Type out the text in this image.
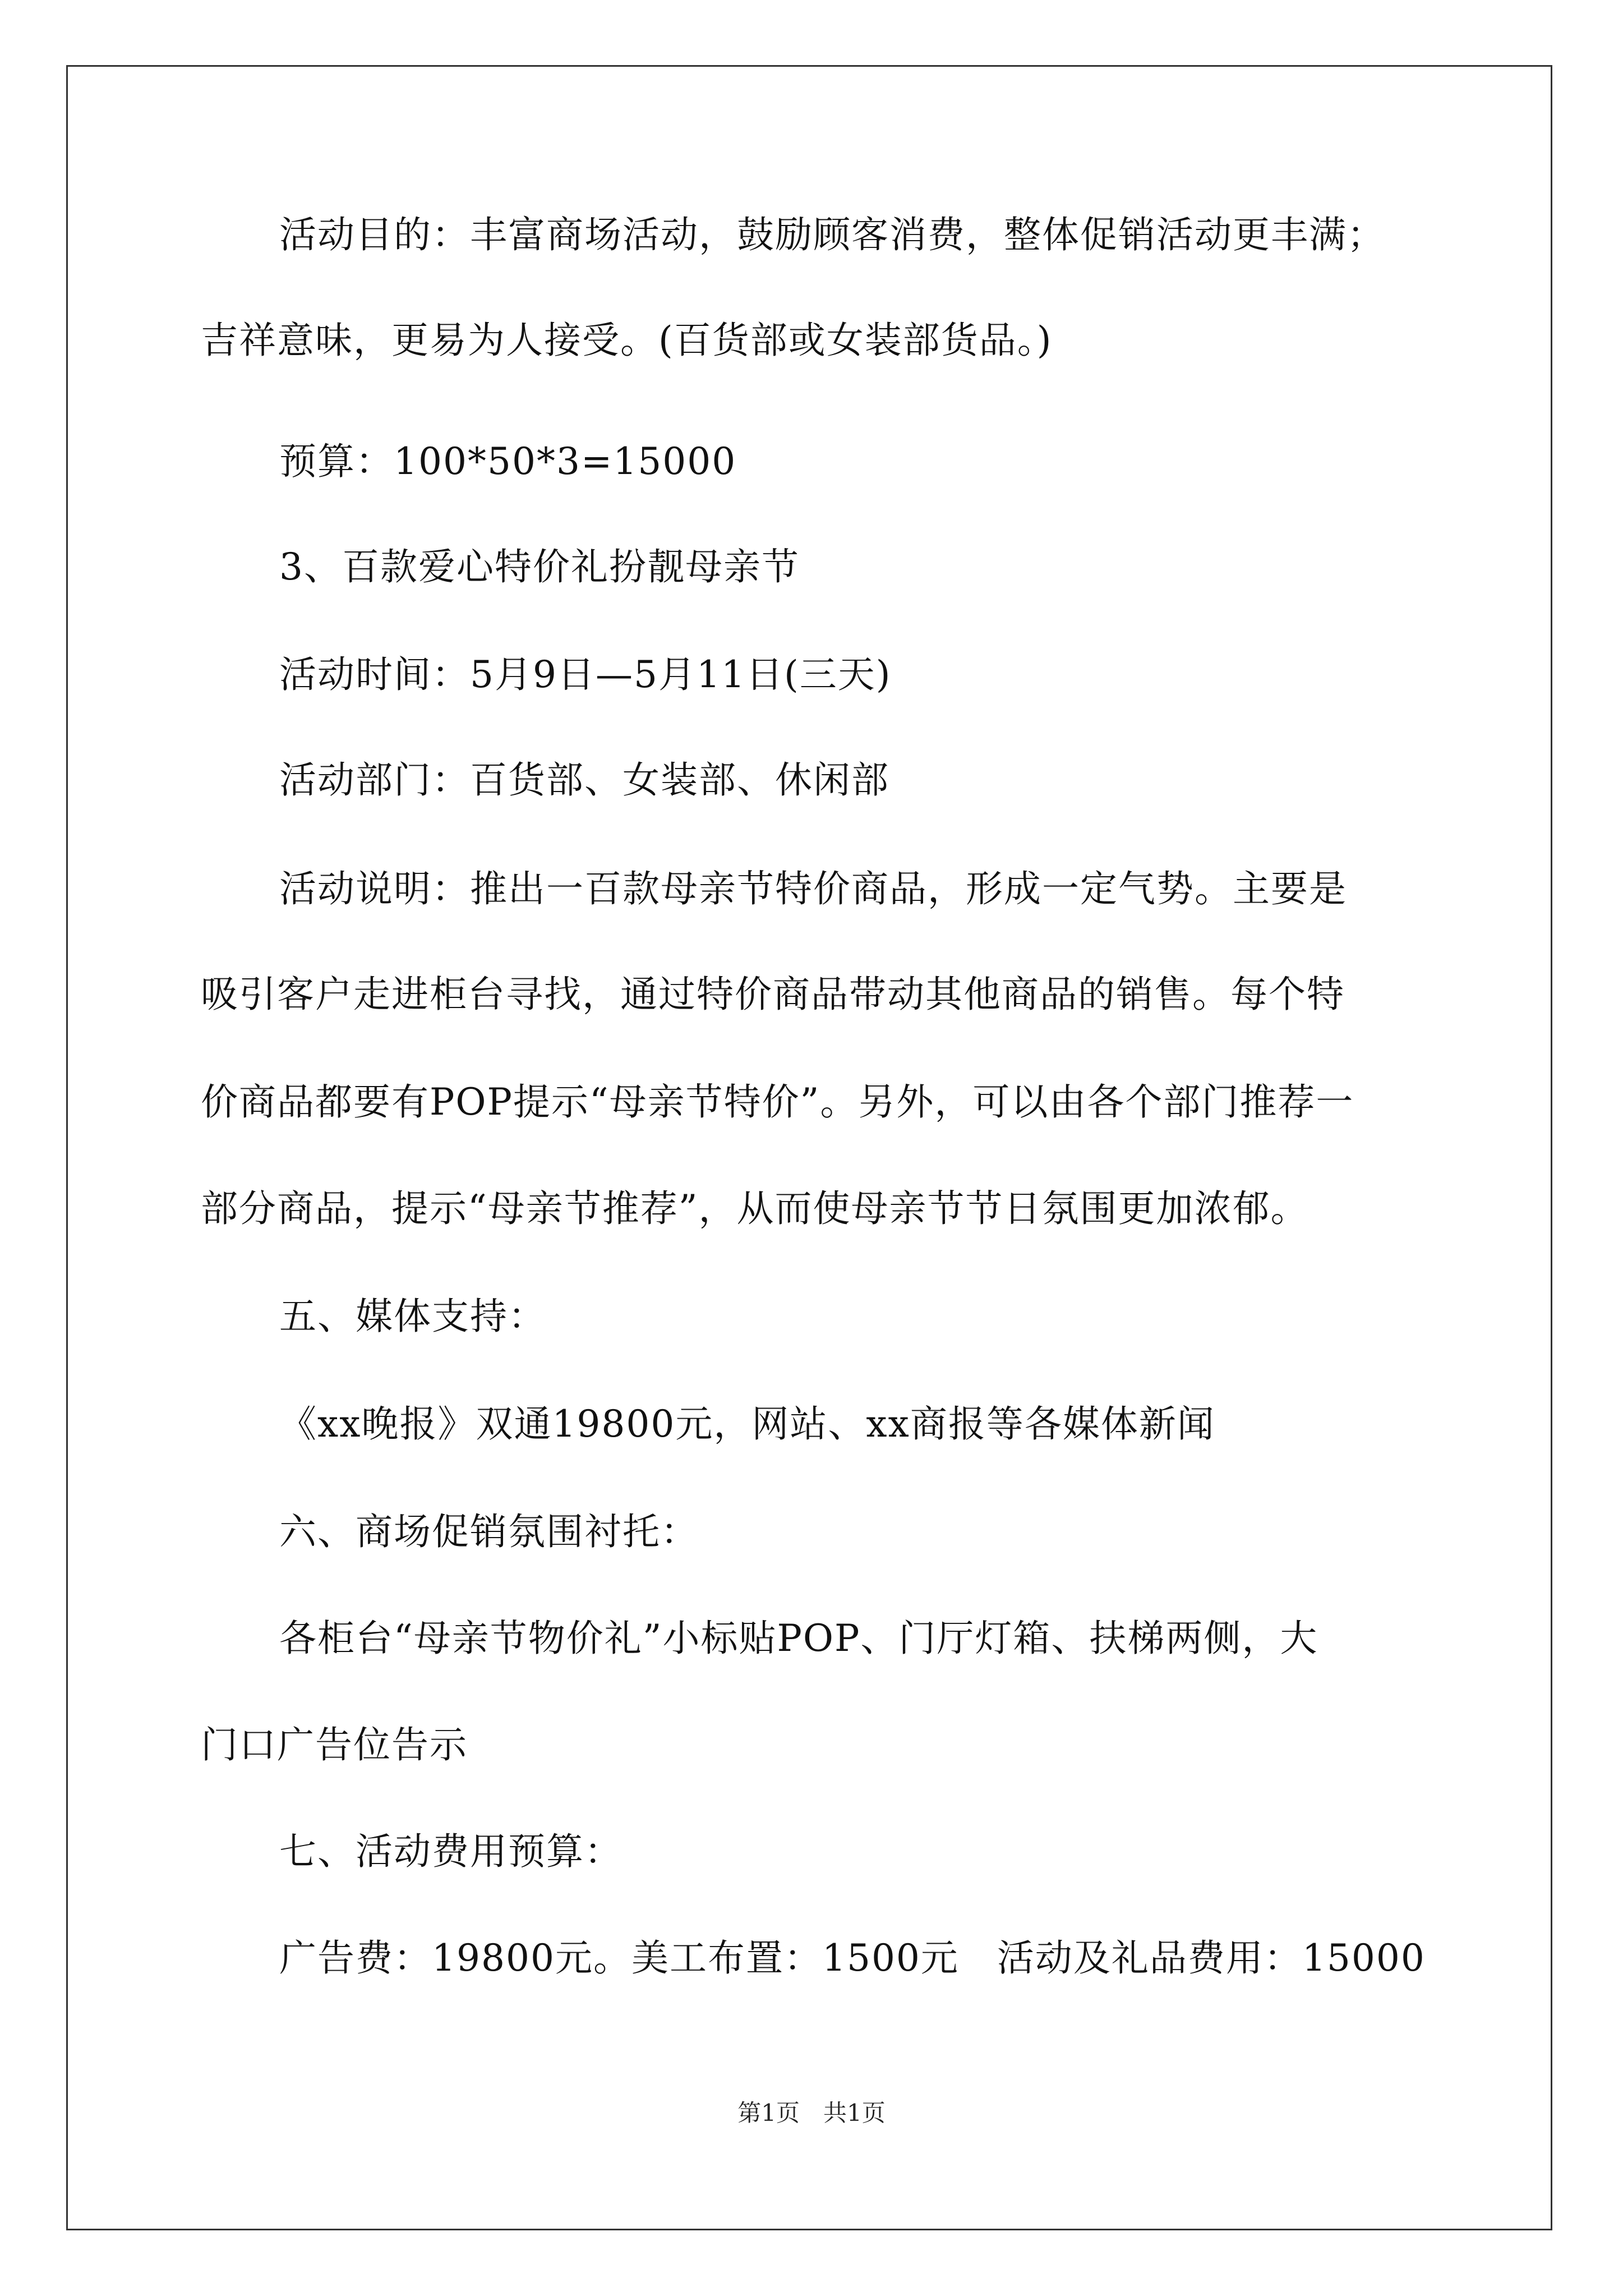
活动目的：丰富商场活动，鼓励顾客消费，整体促销活动更丰满；
吉祥意味，更易为人接受。(百货部或女装部货品。)
预算：100*50*3=15000
3、百款爱心特价礼扮靓母亲节
活动时间：5月9日—5月11日(三天)
活动部门：百货部、女装部、休闲部
活动说明：推出一百款母亲节特价商品，形成一定气势。主要是
吸引客户走进柜台寻找，通过特价商品带动其他商品的销售。每个特
价商品都要有POP提示“母亲节特价”。另外，可以由各个部门推荐一
部分商品，提示“母亲节推荐”，从而使母亲节节日氛围更加浓郁。
五、媒体支持：
《xx晚报》双通19800元，网站、xx商报等各媒体新闻
六、商场促销氛围衬托：
各柜台“母亲节物价礼”小标贴POP、门厅灯箱、扶梯两侧，大
门口广告位告示
七、活动费用预算：
广告费：19800元。美工布置：1500元　活动及礼品费用：15000
第1页　共1页
